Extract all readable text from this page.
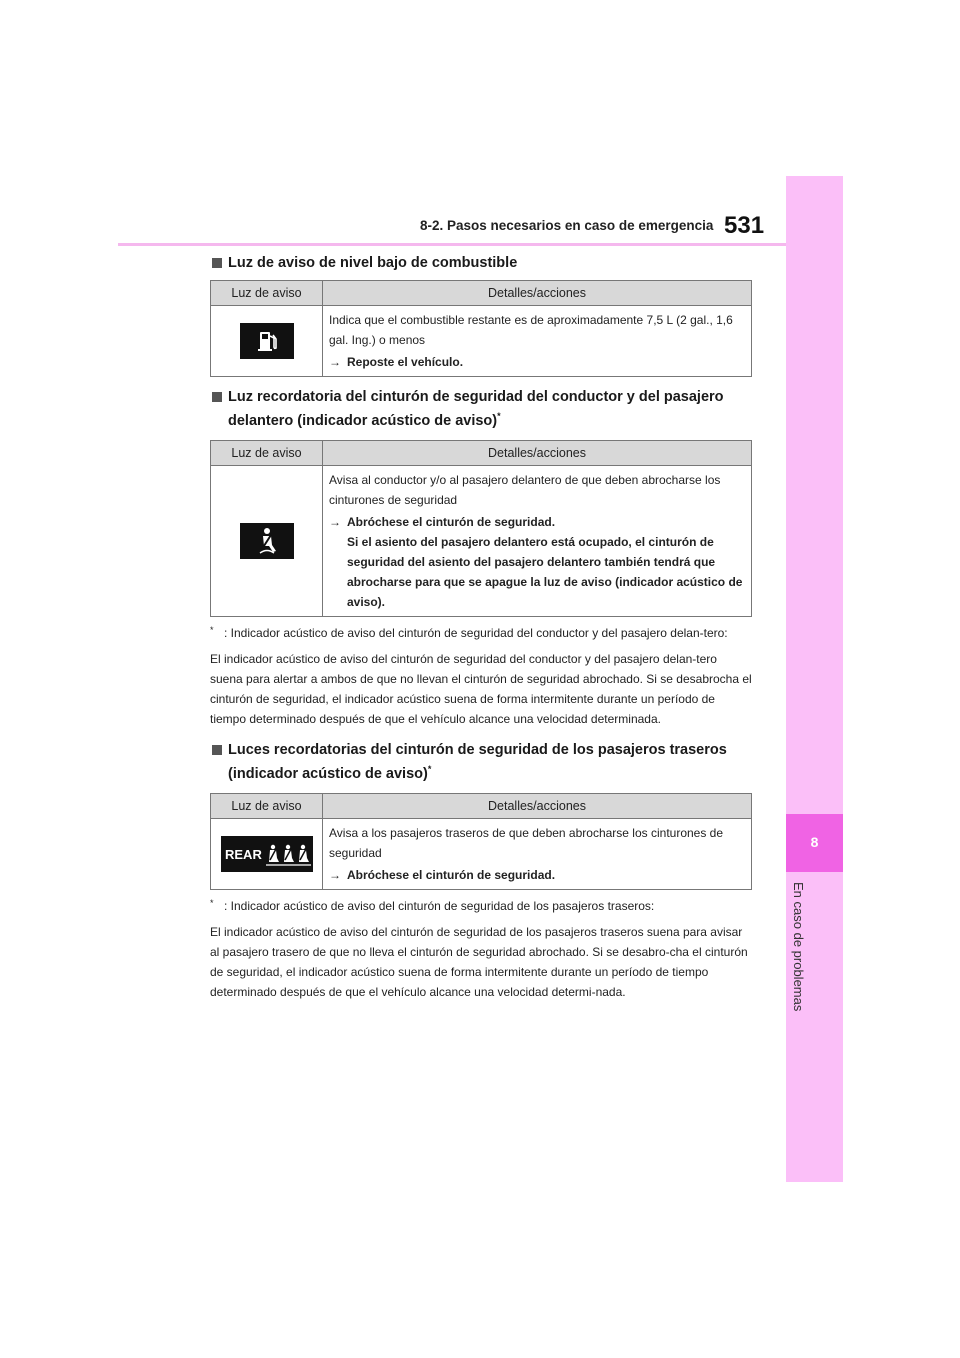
8-2. Pasos necesarios en caso de emergencia 531
8
En caso de problemas
Luz de aviso de nivel bajo de combustible
Luz de aviso	Detalles/acciones

Indica que el combustible restante es de aproximadamente 7,5 L (2 gal., 1,6 gal. Ing.) o menos
→ Reposte el vehículo.
Luz recordatoria del cinturón de seguridad del conductor y del pasajero delantero (indicador acústico de aviso)*
Luz de aviso	Detalles/acciones

Avisa al conductor y/o al pasajero delantero de que deben abrocharse los cinturones de seguridad
→ Abróchese el cinturón de seguridad.
Si el asiento del pasajero delantero está ocupado, el cinturón de seguridad del asiento del pasajero delantero también tendrá que abrocharse para que se apague la luz de aviso (indicador acústico de aviso).
* : Indicador acústico de aviso del cinturón de seguridad del conductor y del pasajero delan-tero:
El indicador acústico de aviso del cinturón de seguridad del conductor y del pasajero delan-tero suena para alertar a ambos de que no llevan el cinturón de seguridad abrochado. Si se desabrocha el cinturón de seguridad, el indicador acústico suena de forma intermitente durante un período de tiempo determinado después de que el vehículo alcance una velocidad determinada.
Luces recordatorias del cinturón de seguridad de los pasajeros traseros (indicador acústico de aviso)*
Luz de aviso	Detalles/acciones

REAR	Avisa a los pasajeros traseros de que deben abrocharse los cinturones de seguridad
→ Abróchese el cinturón de seguridad.
* : Indicador acústico de aviso del cinturón de seguridad de los pasajeros traseros:
El indicador acústico de aviso del cinturón de seguridad de los pasajeros traseros suena para avisar al pasajero trasero de que no lleva el cinturón de seguridad abrochado. Si se desabro-cha el cinturón de seguridad, el indicador acústico suena de forma intermitente durante un período de tiempo determinado después de que el vehículo alcance una velocidad determi-nada.
